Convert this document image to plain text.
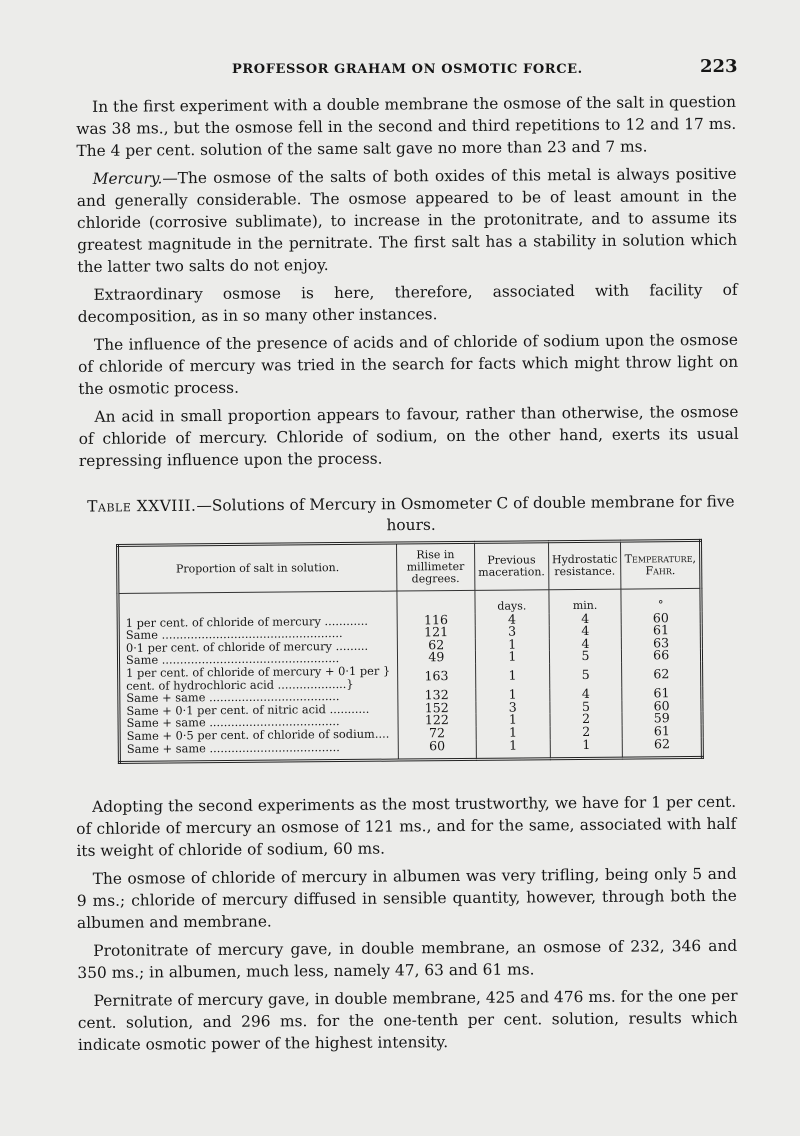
PROFESSOR GRAHAM ON OSMOTIC FORCE.	223

In the first experiment with a double membrane the osmose of the salt in question was 38 ms., but the osmose fell in the second and third repetitions to 12 and 17 ms. The 4 per cent. solution of the same salt gave no more than 23 and 7 ms.

Mercury.—The osmose of the salts of both oxides of this metal is always positive and generally considerable. The osmose appeared to be of least amount in the chloride (corrosive sublimate), to increase in the protonitrate, and to assume its greatest magnitude in the pernitrate. The first salt has a stability in solution which the latter two salts do not enjoy.

Extraordinary osmose is here, therefore, associated with facility of decomposition, as in so many other instances.

The influence of the presence of acids and of chloride of sodium upon the osmose of chloride of mercury was tried in the search for facts which might throw light on the osmotic process.

An acid in small proportion appears to favour, rather than otherwise, the osmose of chloride of mercury. Chloride of sodium, on the other hand, exerts its usual repressing influence upon the process.

Table XXVIII.—Solutions of Mercury in Osmometer C of double membrane for five hours.
Proportion of salt in solution.	Rise in millimeter degrees.	Previous maceration.	Hydrostatic resistance.	Temperature, Fahr.
		days.	min.	°
1 per cent. of chloride of mercury ............	116	4	4	60
Same ..................................................	121	3	4	61
0·1 per cent. of chloride of mercury .........	62	1	4	63
Same .................................................	49	1	5	66
1 per cent. of chloride of mercury + 0·1 per } cent. of hydrochloric acid ...................}	163	1	5	62
Same + same ....................................	132	1	4	61
Same + 0·1 per cent. of nitric acid ...........	152	3	5	60
Same + same ....................................	122	1	2	59
Same + 0·5 per cent. of chloride of sodium....	72	1	2	61
Same + same ....................................	60	1	1	62

Adopting the second experiments as the most trustworthy, we have for 1 per cent. of chloride of mercury an osmose of 121 ms., and for the same, associated with half its weight of chloride of sodium, 60 ms.

The osmose of chloride of mercury in albumen was very trifling, being only 5 and 9 ms.; chloride of mercury diffused in sensible quantity, however, through both the albumen and membrane.

Protonitrate of mercury gave, in double membrane, an osmose of 232, 346 and 350 ms.; in albumen, much less, namely 47, 63 and 61 ms.

Pernitrate of mercury gave, in double membrane, 425 and 476 ms. for the one per cent. solution, and 296 ms. for the one-tenth per cent. solution, results which indicate osmotic power of the highest intensity.
